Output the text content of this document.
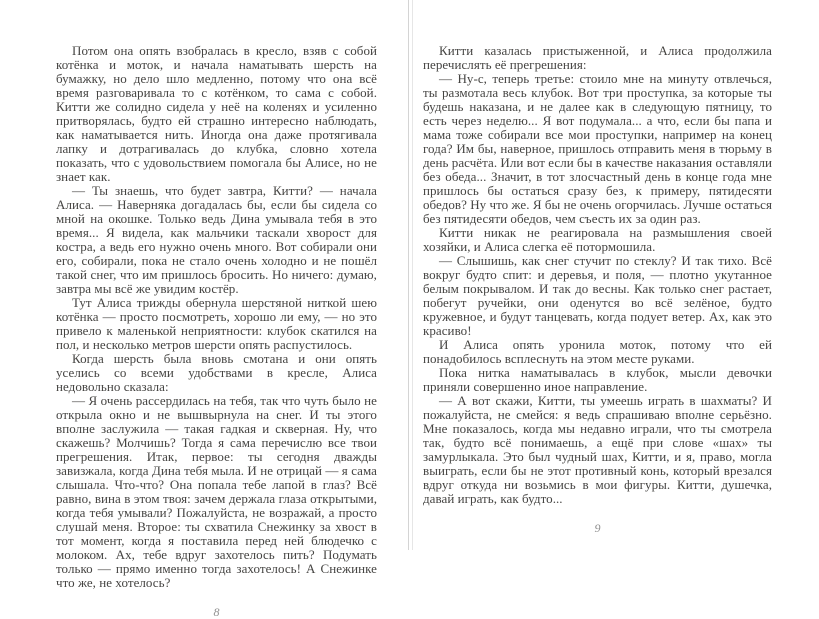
Потом она опять взобралась в кресло, взяв с собой котёнка и моток, и начала наматывать шерсть на бумажку, но дело шло медленно, потому что она всё время разговаривала то с котёнком, то сама с собой. Китти же солидно сидела у неё на коленях и усиленно притворялась, будто ей страшно интересно наблюдать, как наматывается нить. Иногда она даже протягивала лапку и дотрагивалась до клубка, словно хотела показать, что с удовольствием помогала бы Алисе, но не знает как.

— Ты знаешь, что будет завтра, Китти? — начала Алиса. — Наверняка догадалась бы, если бы сидела со мной на окошке. Только ведь Дина умывала тебя в это время... Я видела, как мальчики таскали хворост для костра, а ведь его нужно очень много. Вот собирали они его, собирали, пока не стало очень холодно и не пошёл такой снег, что им пришлось бросить. Но ничего: думаю, завтра мы всё же увидим костёр.

Тут Алиса трижды обернула шерстяной ниткой шею котёнка — просто посмотреть, хорошо ли ему, — но это привело к маленькой неприятности: клубок скатился на пол, и несколько метров шерсти опять распустилось.

Когда шерсть была вновь смотана и они опять уселись со всеми удобствами в кресле, Алиса недовольно сказала:

— Я очень рассердилась на тебя, так что чуть было не открыла окно и не вышвырнула на снег. И ты этого вполне заслужила — такая гадкая и скверная. Ну, что скажешь? Молчишь? Тогда я сама перечислю все твои прегрешения. Итак, первое: ты сегодня дважды завизжала, когда Дина тебя мыла. И не отрицай — я сама слышала. Что-что? Она попала тебе лапой в глаз? Всё равно, вина в этом твоя: зачем держала глаза открытыми, когда тебя умывали? Пожалуйста, не возражай, а просто слушай меня. Второе: ты схватила Снежинку за хвост в тот момент, когда я поставила перед ней блюдечко с молоком. Ах, тебе вдруг захотелось пить? Подумать только — прямо именно тогда захотелось! А Снежинке что же, не хотелось?

8

Китти казалась пристыженной, и Алиса продолжила перечислять её прегрешения:

— Ну-с, теперь третье: стоило мне на минуту отвлечься, ты размотала весь клубок. Вот три проступка, за которые ты будешь наказана, и не далее как в следующую пятницу, то есть через неделю... Я вот подумала... а что, если бы папа и мама тоже собирали все мои проступки, например на конец года? Им бы, наверное, пришлось отправить меня в тюрьму в день расчёта. Или вот если бы в качестве наказания оставляли без обеда... Значит, в тот злосчастный день в конце года мне пришлось бы остаться сразу без, к примеру, пятидесяти обедов? Ну что же. Я бы не очень огорчилась. Лучше остаться без пятидесяти обедов, чем съесть их за один раз.

Китти никак не реагировала на размышления своей хозяйки, и Алиса слегка её потормошила.

— Слышишь, как снег стучит по стеклу? И так тихо. Всё вокруг будто спит: и деревья, и поля, — плотно укутанное белым покрывалом. И так до весны. Как только снег растает, побегут ручейки, они оденутся во всё зелёное, будто кружевное, и будут танцевать, когда подует ветер. Ах, как это красиво!

И Алиса опять уронила моток, потому что ей понадобилось всплеснуть на этом месте руками.

Пока нитка наматывалась в клубок, мысли девочки приняли совершенно иное направление.

— А вот скажи, Китти, ты умеешь играть в шахматы? И пожалуйста, не смейся: я ведь спрашиваю вполне серьёзно. Мне показалось, когда мы недавно играли, что ты смотрела так, будто всё понимаешь, а ещё при слове «шах» ты замурлыкала. Это был чудный шах, Китти, и я, право, могла выиграть, если бы не этот противный конь, который врезался вдруг откуда ни возьмись в мои фигуры. Китти, душечка, давай играть, как будто...

9
